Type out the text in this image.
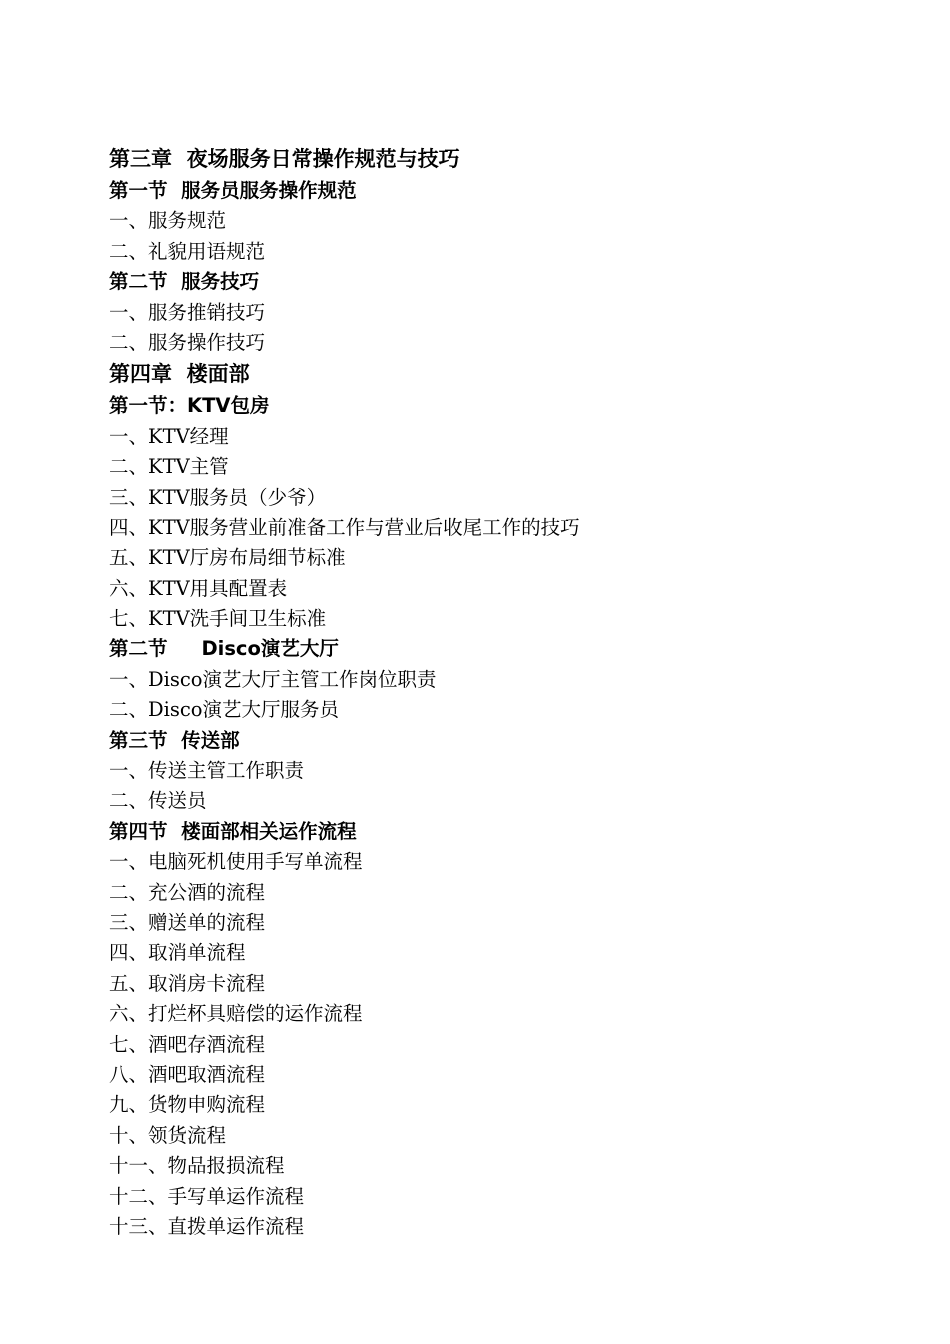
第三章  夜场服务日常操作规范与技巧
第一节  服务员服务操作规范
一、服务规范
二、礼貌用语规范
第二节  服务技巧
一、服务推销技巧
二、服务操作技巧
第四章  楼面部
第一节：KTV包房
一、KTV经理
二、KTV主管
三、KTV服务员（少爷）
四、KTV服务营业前准备工作与营业后收尾工作的技巧
五、KTV厅房布局细节标准
六、KTV用具配置表
七、KTV洗手间卫生标准
第二节     Disco演艺大厅
一、Disco演艺大厅主管工作岗位职责
二、Disco演艺大厅服务员
第三节  传送部
一、传送主管工作职责
二、传送员
第四节  楼面部相关运作流程
一、电脑死机使用手写单流程
二、充公酒的流程
三、赠送单的流程
四、取消单流程
五、取消房卡流程
六、打烂杯具赔偿的运作流程
七、酒吧存酒流程
八、酒吧取酒流程
九、货物申购流程
十、领货流程
十一、物品报损流程
十二、手写单运作流程
十三、直拨单运作流程
